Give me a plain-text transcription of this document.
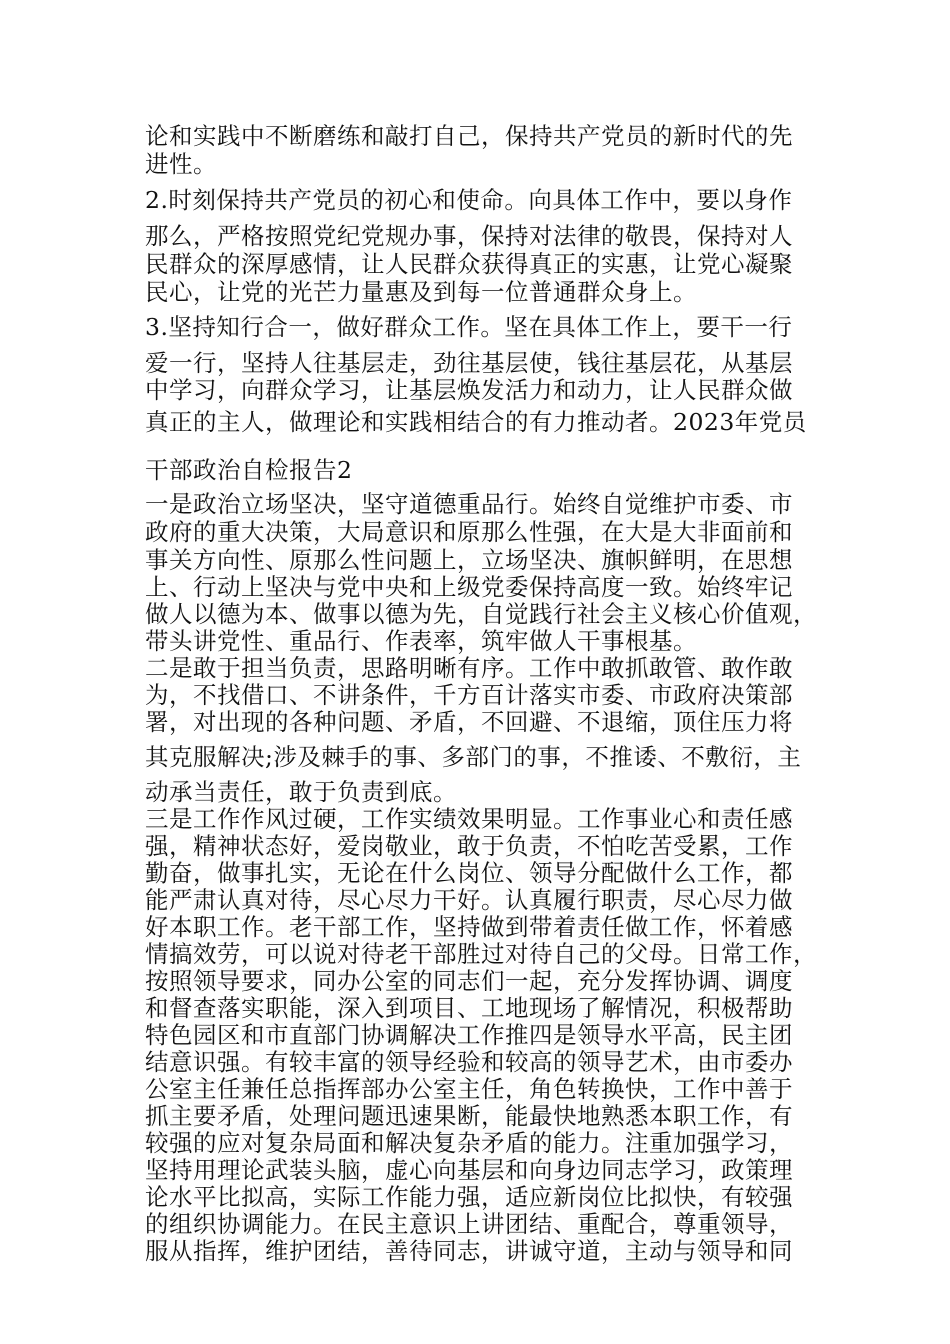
论和实践中不断磨练和敲打自己，保持共产党员的新时代的先
进性。
2.时刻保持共产党员的初心和使命。向具体工作中，要以身作
那么，严格按照党纪党规办事，保持对法律的敬畏，保持对人
民群众的深厚感情，让人民群众获得真正的实惠，让党心凝聚
民心，让党的光芒力量惠及到每一位普通群众身上。
3.坚持知行合一，做好群众工作。坚在具体工作上，要干一行
爱一行，坚持人往基层走，劲往基层使，钱往基层花，从基层
中学习，向群众学习，让基层焕发活力和动力，让人民群众做
真正的主人，做理论和实践相结合的有力推动者。2023年党员
干部政治自检报告2
一是政治立场坚决，坚守道德重品行。始终自觉维护市委、市
政府的重大决策，大局意识和原那么性强，在大是大非面前和
事关方向性、原那么性问题上，立场坚决、旗帜鲜明，在思想
上、行动上坚决与党中央和上级党委保持高度一致。始终牢记
做人以德为本、做事以德为先，自觉践行社会主义核心价值观，
带头讲党性、重品行、作表率，筑牢做人干事根基。
二是敢于担当负责，思路明晰有序。工作中敢抓敢管、敢作敢
为，不找借口、不讲条件，千方百计落实市委、市政府决策部
署，对出现的各种问题、矛盾，不回避、不退缩，顶住压力将
其克服解决;涉及棘手的事、多部门的事，不推诿、不敷衍，主
动承当责任，敢于负责到底。
三是工作作风过硬，工作实绩效果明显。工作事业心和责任感
强，精神状态好，爱岗敬业，敢于负责，不怕吃苦受累，工作
勤奋，做事扎实，无论在什么岗位、领导分配做什么工作，都
能严肃认真对待，尽心尽力干好。认真履行职责，尽心尽力做
好本职工作。老干部工作，坚持做到带着责任做工作，怀着感
情搞效劳，可以说对待老干部胜过对待自己的父母。日常工作，
按照领导要求，同办公室的同志们一起，充分发挥协调、调度
和督查落实职能，深入到项目、工地现场了解情况，积极帮助
特色园区和市直部门协调解决工作推四是领导水平高，民主团
结意识强。有较丰富的领导经验和较高的领导艺术，由市委办
公室主任兼任总指挥部办公室主任，角色转换快，工作中善于
抓主要矛盾，处理问题迅速果断，能最快地熟悉本职工作，有
较强的应对复杂局面和解决复杂矛盾的能力。注重加强学习，
坚持用理论武装头脑，虚心向基层和向身边同志学习，政策理
论水平比拟高，实际工作能力强，适应新岗位比拟快，有较强
的组织协调能力。在民主意识上讲团结、重配合，尊重领导，
服从指挥，维护团结，善待同志，讲诚守道，主动与领导和同
